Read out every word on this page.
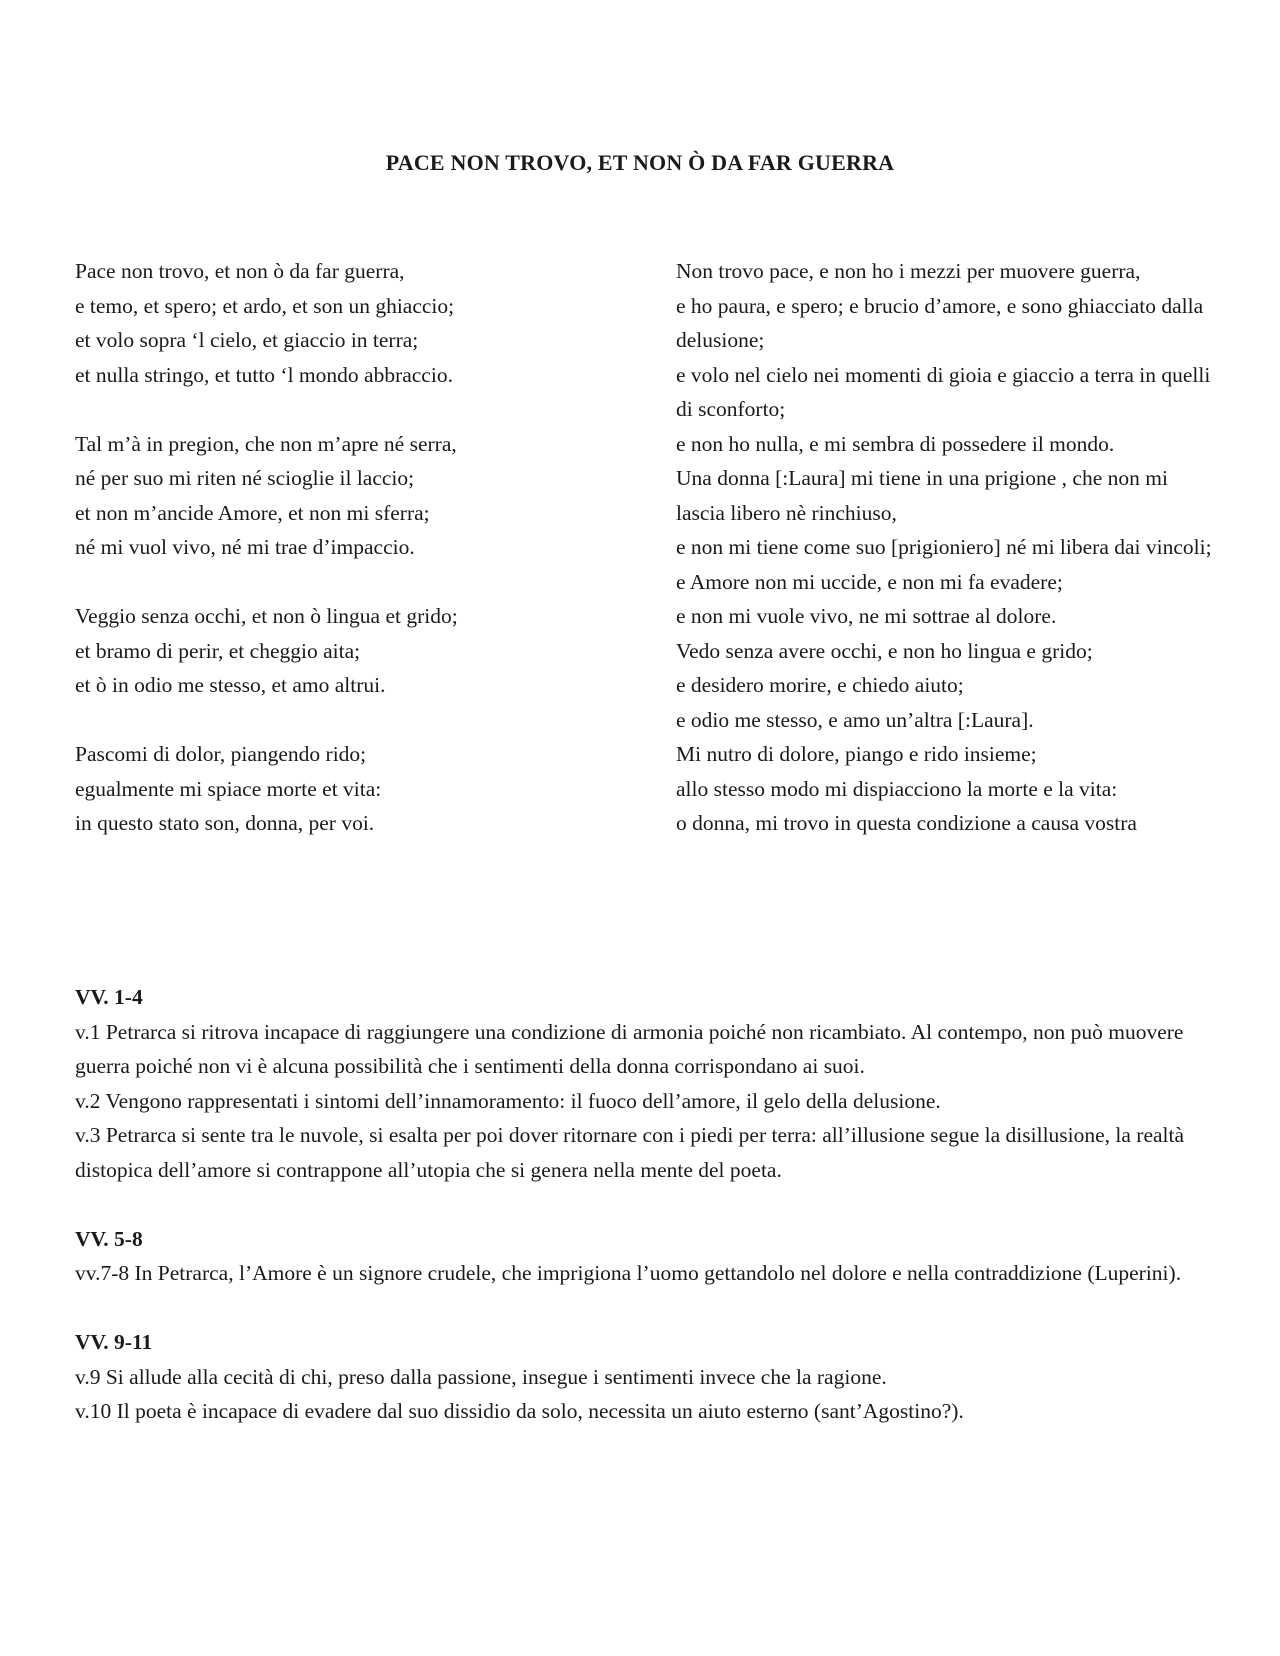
PACE NON TROVO, ET NON Ò DA FAR GUERRA
Pace non trovo, et non ò da far guerra,
e temo, et spero; et ardo, et son un ghiaccio;
et volo sopra ‘l cielo, et giaccio in terra;
et nulla stringo, et tutto ‘l mondo abbraccio.
Tal m’à in pregion, che non m’apre né serra,
né per suo mi riten né scioglie il laccio;
et non m’ancide Amore, et non mi sferra;
né mi vuol vivo, né mi trae d’impaccio.
Veggio senza occhi, et non ò lingua et grido;
et bramo di perir, et cheggio aita;
et ò in odio me stesso, et amo altrui.
Pascomi di dolor, piangendo rido;
egualmente mi spiace morte et vita:
in questo stato son, donna, per voi.
Non trovo pace, e non ho i mezzi per muovere guerra,
e ho paura, e spero; e brucio d’amore, e sono ghiacciato dalla delusione;
e volo nel cielo nei momenti di gioia e giaccio a terra in quelli di sconforto;
e non ho nulla, e mi sembra di possedere il mondo.
Una donna [:Laura] mi tiene in una prigione , che non mi lascia libero nè rinchiuso,
e non mi tiene come suo [prigioniero] né mi libera dai vincoli;
e Amore non mi uccide, e non mi fa evadere;
e non mi vuole vivo, ne mi sottrae al dolore.
Vedo senza avere occhi, e non ho lingua e grido;
e desidero morire, e chiedo aiuto;
e odio me stesso, e amo un’altra [:Laura].
Mi nutro di dolore, piango e rido insieme;
allo stesso modo mi dispiacciono la morte e la vita:
o donna, mi trovo in questa condizione a causa vostra
VV. 1-4
v.1 Petrarca si ritrova incapace di raggiungere una condizione di armonia poiché non ricambiato. Al contempo, non può muovere guerra poiché non vi è alcuna possibilità che i sentimenti della donna corrispondano ai suoi.
v.2 Vengono rappresentati i sintomi dell’innamoramento: il fuoco dell’amore, il gelo della delusione.
v.3 Petrarca si sente tra le nuvole, si esalta per poi dover ritornare con i piedi per terra: all’illusione segue la disillusione, la realtà distopica dell’amore si contrappone all’utopia che si genera nella mente del poeta.
VV. 5-8
vv.7-8 In Petrarca, l’Amore è un signore crudele, che imprigiona l’uomo gettandolo nel dolore e nella contraddizione (Luperini).
VV. 9-11
v.9 Si allude alla cecità di chi, preso dalla passione, insegue i sentimenti invece che la ragione.
v.10 Il poeta è incapace di evadere dal suo dissidio da solo, necessita un aiuto esterno (sant’Agostino?).
